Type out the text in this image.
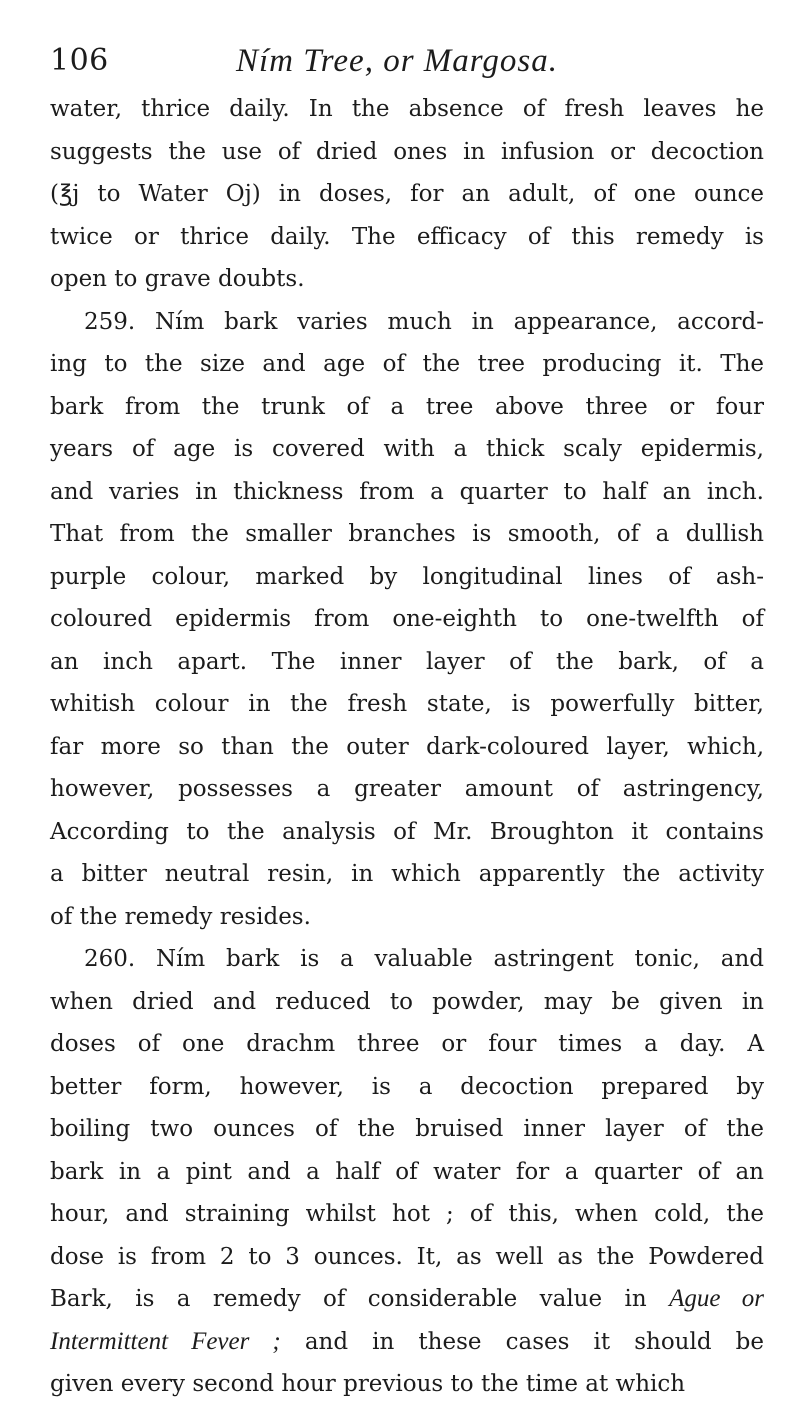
106	Ním Tree, or Margosa.
water, thrice daily. In the absence of fresh leaves he
suggests the use of dried ones in infusion or decoction
(℥j to Water Oj) in doses, for an adult, of one ounce
twice or thrice daily. The efficacy of this remedy is
open to grave doubts.
259. Ním bark varies much in appearance, accord-
ing to the size and age of the tree producing it. The
bark from the trunk of a tree above three or four
years of age is covered with a thick scaly epidermis,
and varies in thickness from a quarter to half an inch.
That from the smaller branches is smooth, of a dullish
purple colour, marked by longitudinal lines of ash-
coloured epidermis from one-eighth to one-twelfth of
an inch apart. The inner layer of the bark, of a
whitish colour in the fresh state, is powerfully bitter,
far more so than the outer dark-coloured layer, which,
however, possesses a greater amount of astringency,
According to the analysis of Mr. Broughton it contains
a bitter neutral resin, in which apparently the activity
of the remedy resides.
260. Ním bark is a valuable astringent tonic, and
when dried and reduced to powder, may be given in
doses of one drachm three or four times a day. A
better form, however, is a decoction prepared by
boiling two ounces of the bruised inner layer of the
bark in a pint and a half of water for a quarter of an
hour, and straining whilst hot ; of this, when cold, the
dose is from 2 to 3 ounces. It, as well as the Powdered
Bark, is a remedy of considerable value in Ague or
Intermittent Fever ; and in these cases it should be
given every second hour previous to the time at which
